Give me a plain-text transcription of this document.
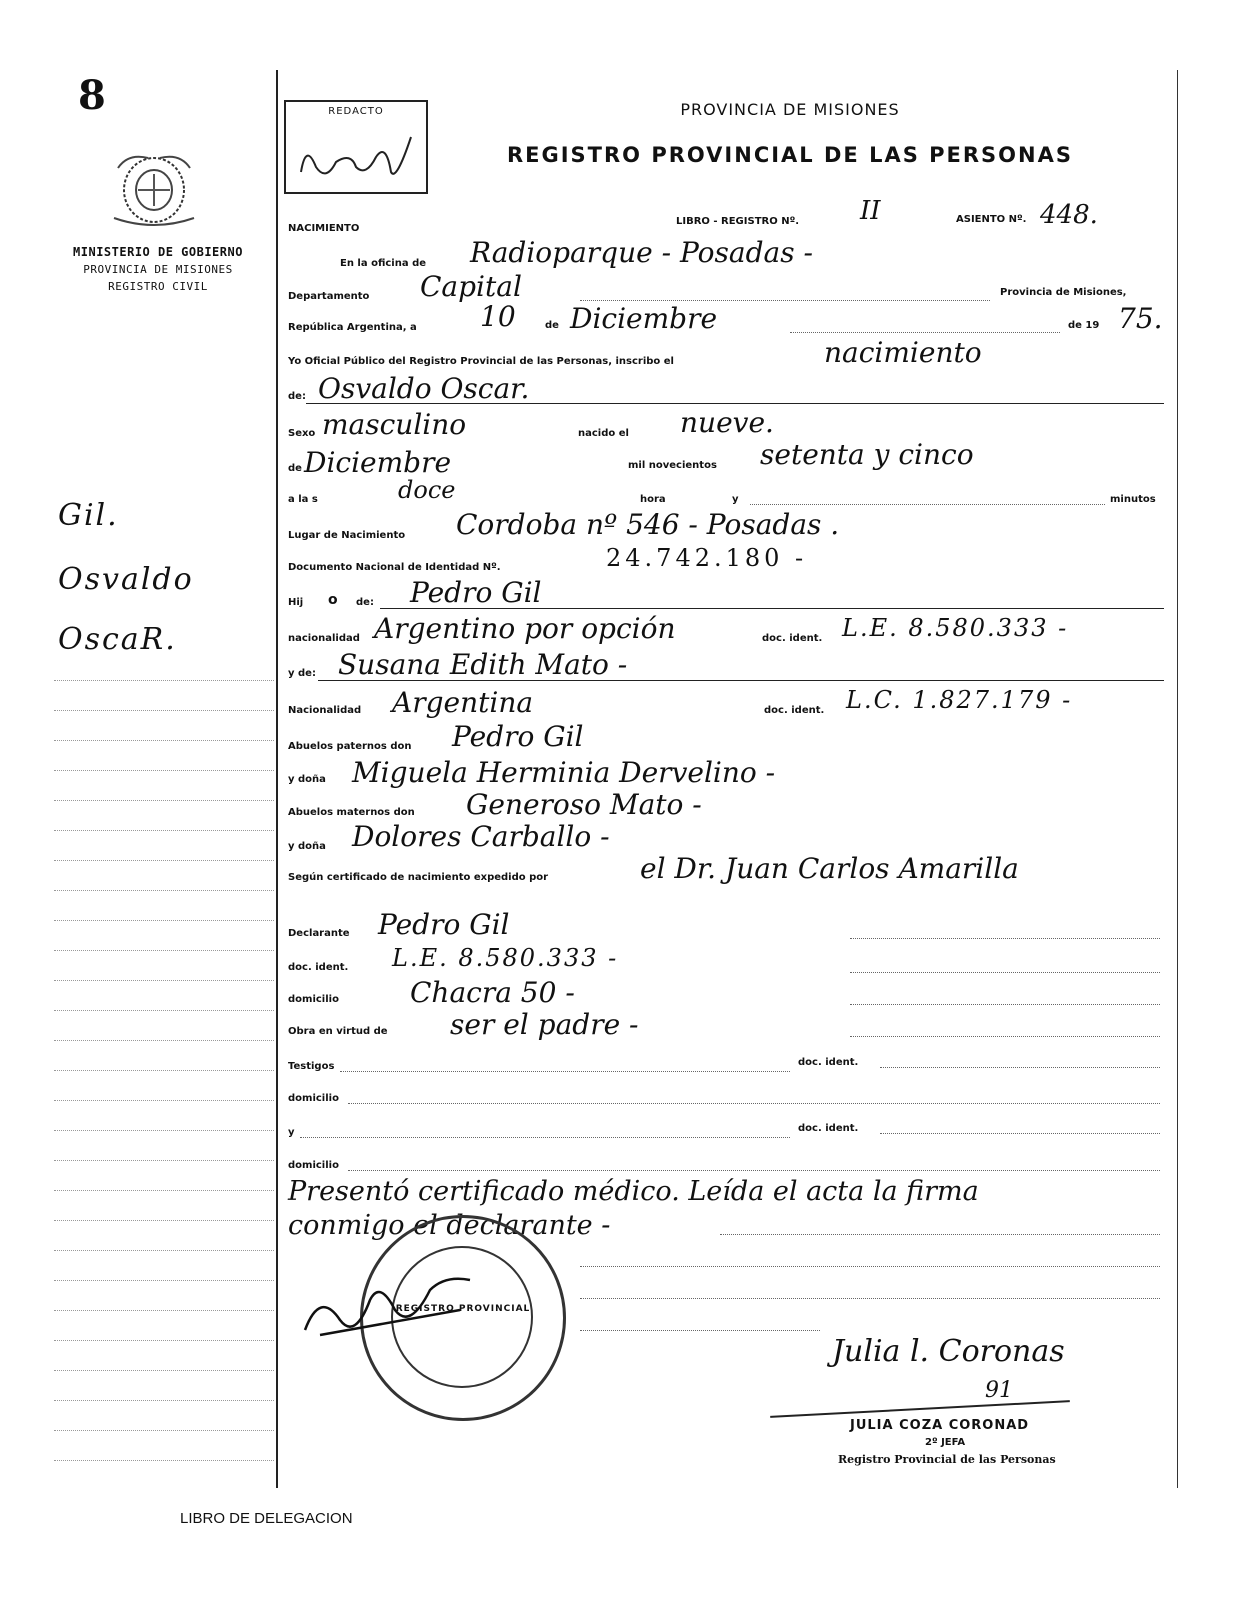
8
MINISTERIO DE GOBIERNO
PROVINCIA DE MISIONES
REGISTRO CIVIL
Gil.
Osvaldo
OscaR.
REDACTO	PROVINCIA DE MISIONES
REGISTRO PROVINCIAL DE LAS PERSONAS
NACIMIENTO
LIBRO - REGISTRO Nº. II	ASIENTO Nº. 448.
En la oficina de Radioparque - Posadas -
Departamento Capital	Provincia de Misiones,
República Argentina, a 10	de Diciembre	de 19 75.
Yo Oficial Público del Registro Provincial de las Personas, inscribo el	nacimiento
de: Osvaldo Oscar.
Sexo masculino	nacido el nueve.
de Diciembre	mil novecientos setenta y cinco
a la s	doce	hora	y	minutos
Lugar de Nacimiento Cordoba nº 546 - Posadas .
Documento Nacional de Identidad Nº.	24.742.180 -
Hij o de: Pedro Gil
nacionalidad Argentino por opción	doc. ident. L.E. 8.580.333 -
y de: Susana Edith Mato -
Nacionalidad Argentina	doc. ident. L.C. 1.827.179 -
Abuelos paternos don Pedro Gil
y doña Miguela Herminia Dervelino -
Abuelos maternos don Generoso Mato -
y doña Dolores Carballo -
Según certificado de nacimiento expedido por	el Dr. Juan Carlos Amarilla
Declarante Pedro Gil
doc. ident. L.E. 8.580.333 -
domicilio	Chacra 50 -
Obra en virtud de ser el padre -
Testigos	doc. ident.
domicilio
y	doc. ident.
domicilio
Presentó certificado médico. Leída el acta la firma
conmigo el declarante -
REGISTRO PROVINCIAL
Julia l. Coronas
91
JULIA COZA CORONAD
2º JEFA
Registro Provincial de las Personas
LIBRO DE DELEGACION
